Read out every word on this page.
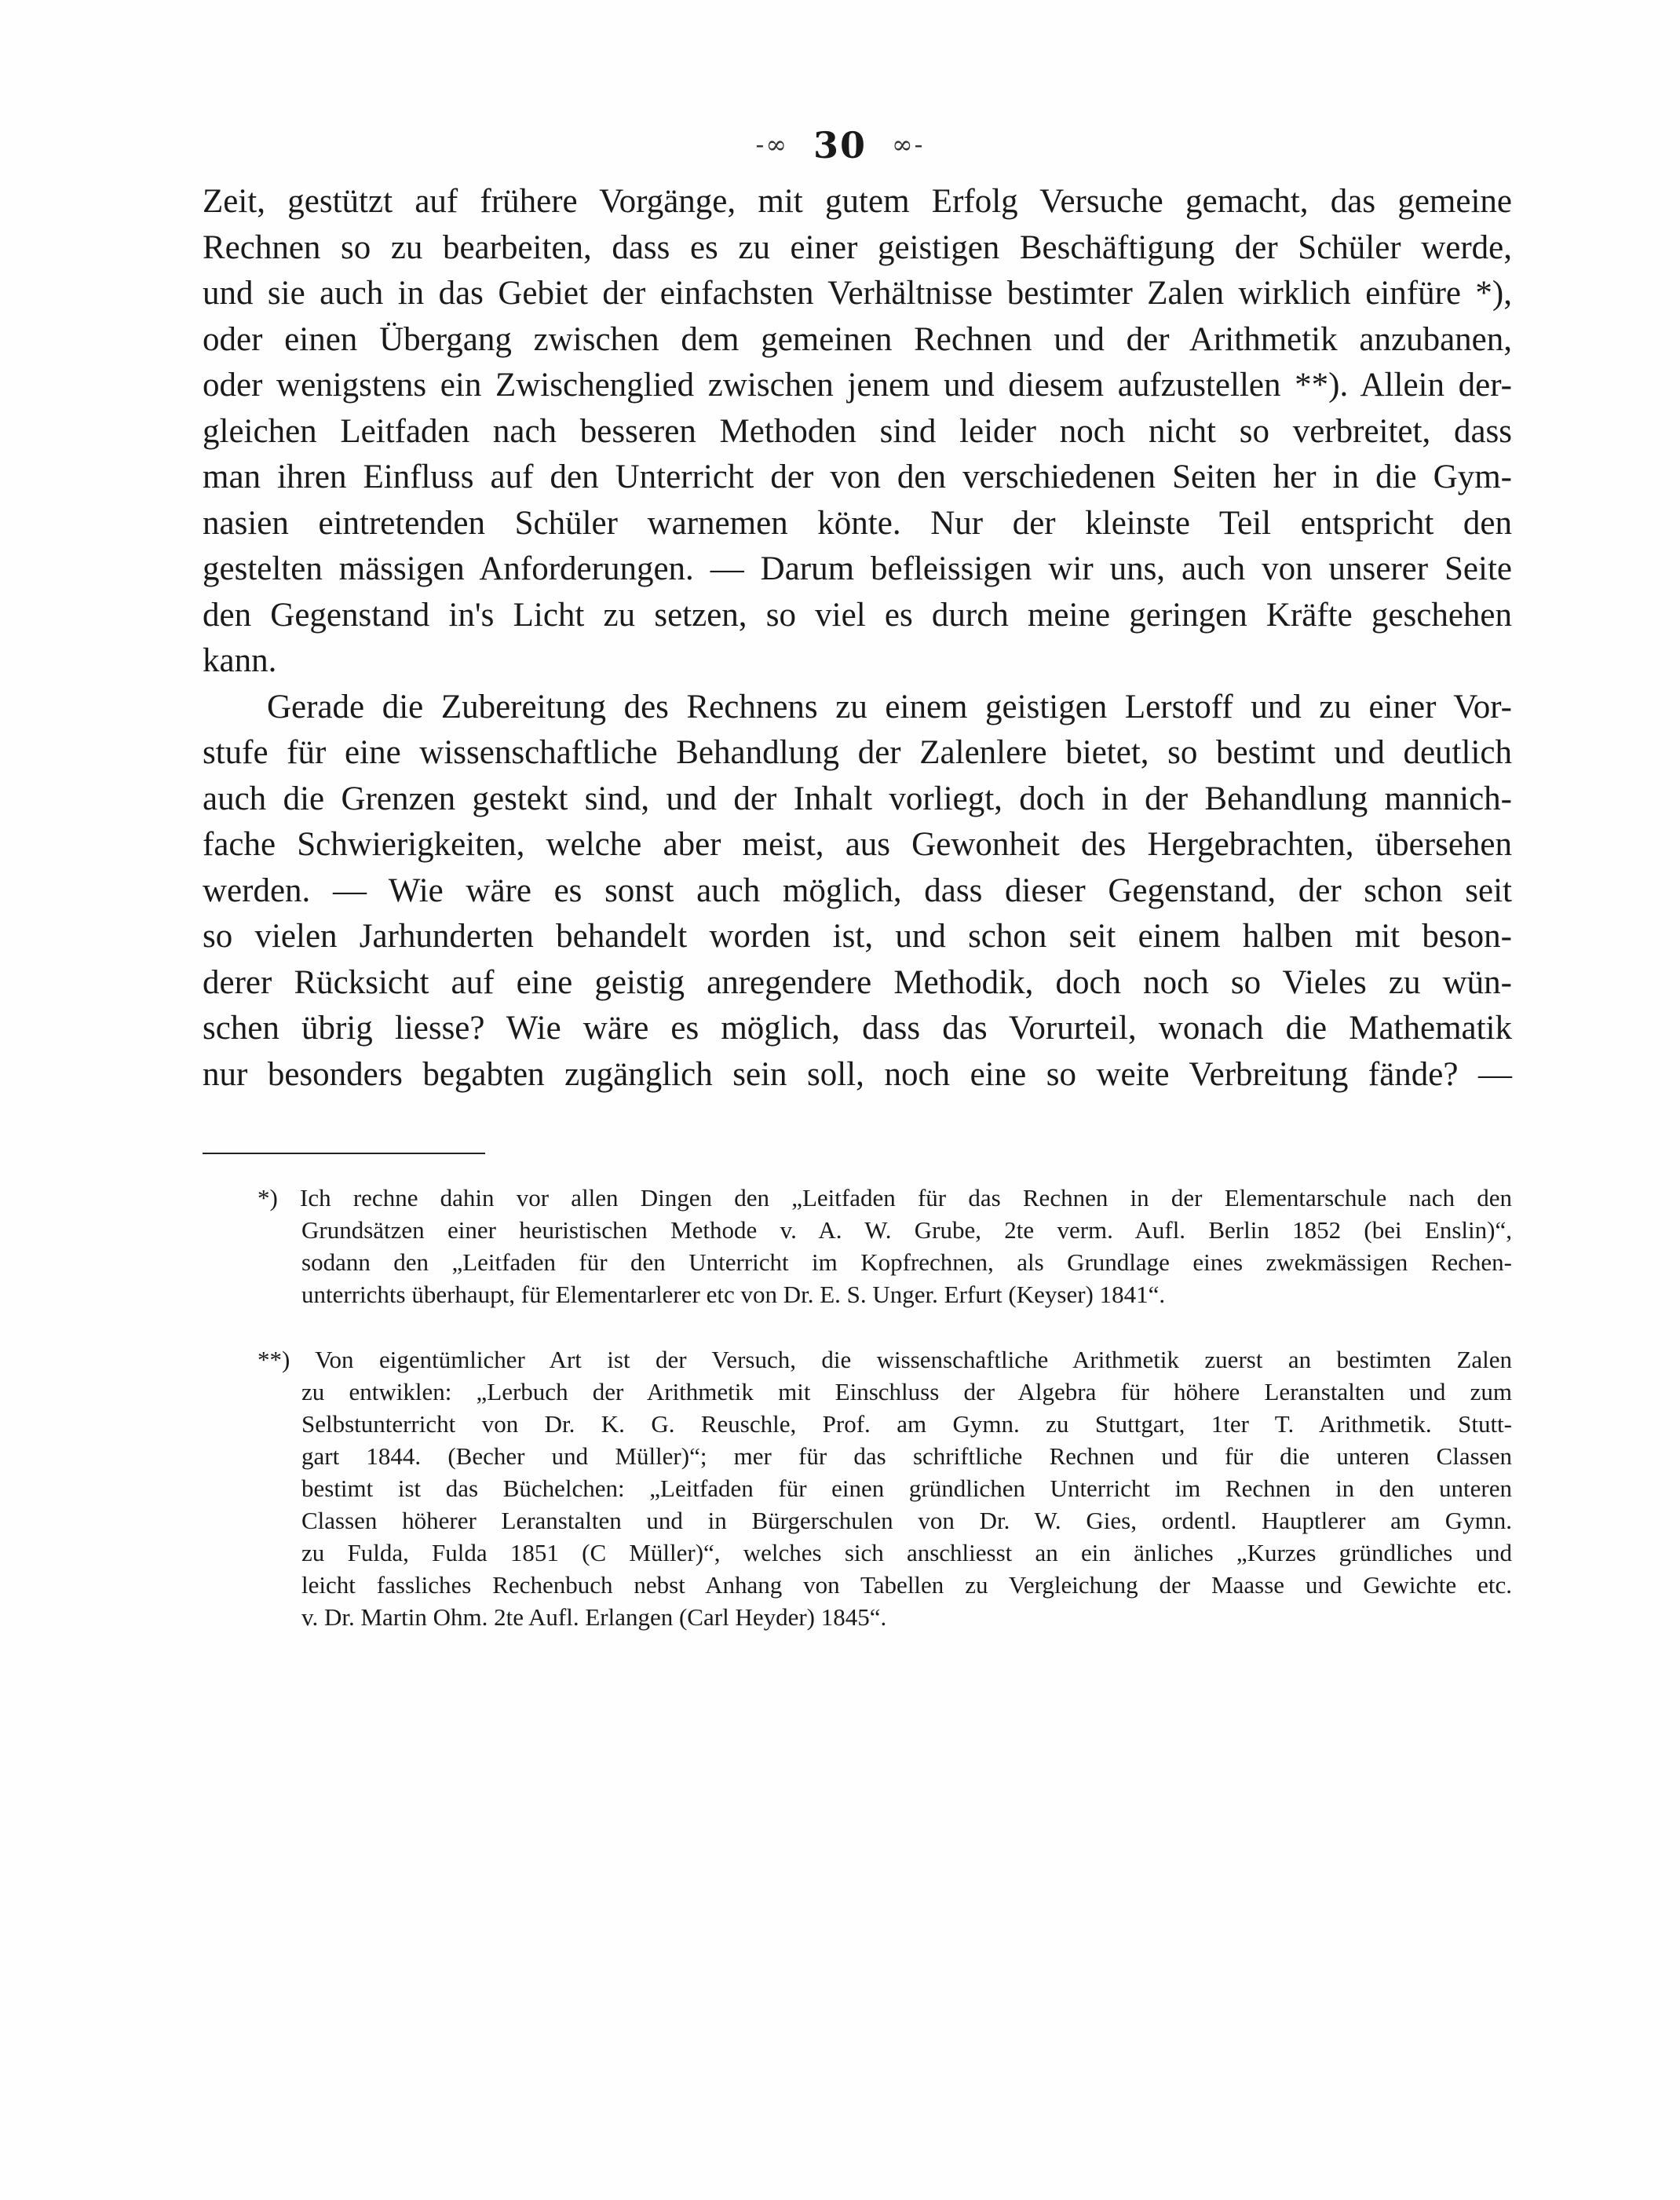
-∞ 30 ∞-
Zeit, gestützt auf frühere Vorgänge, mit gutem Erfolg Versuche gemacht, das gemeine
Rechnen so zu bearbeiten, dass es zu einer geistigen Beschäftigung der Schüler werde,
und sie auch in das Gebiet der einfachsten Verhältnisse bestimter Zalen wirklich einfüre *),
oder einen Übergang zwischen dem gemeinen Rechnen und der Arithmetik anzubanen,
oder wenigstens ein Zwischenglied zwischen jenem und diesem aufzustellen **). Allein der-
gleichen Leitfaden nach besseren Methoden sind leider noch nicht so verbreitet, dass
man ihren Einfluss auf den Unterricht der von den verschiedenen Seiten her in die Gym-
nasien eintretenden Schüler warnemen könte. Nur der kleinste Teil entspricht den
gestelten mässigen Anforderungen. — Darum befleissigen wir uns, auch von unserer Seite
den Gegenstand in's Licht zu setzen, so viel es durch meine geringen Kräfte geschehen
kann.
Gerade die Zubereitung des Rechnens zu einem geistigen Lerstoff und zu einer Vor-
stufe für eine wissenschaftliche Behandlung der Zalenlere bietet, so bestimt und deutlich
auch die Grenzen gestekt sind, und der Inhalt vorliegt, doch in der Behandlung mannich-
fache Schwierigkeiten, welche aber meist, aus Gewonheit des Hergebrachten, übersehen
werden. — Wie wäre es sonst auch möglich, dass dieser Gegenstand, der schon seit
so vielen Jarhunderten behandelt worden ist, und schon seit einem halben mit beson-
derer Rücksicht auf eine geistig anregendere Methodik, doch noch so Vieles zu wün-
schen übrig liesse? Wie wäre es möglich, dass das Vorurteil, wonach die Mathematik
nur besonders begabten zugänglich sein soll, noch eine so weite Verbreitung fände? —
*) Ich rechne dahin vor allen Dingen den „Leitfaden für das Rechnen in der Elementarschule nach den
Grundsätzen einer heuristischen Methode v. A. W. Grube, 2te verm. Aufl. Berlin 1852 (bei Enslin)“,
sodann den „Leitfaden für den Unterricht im Kopfrechnen, als Grundlage eines zwekmässigen Rechen-
unterrichts überhaupt, für Elementarlerer etc von Dr. E. S. Unger. Erfurt (Keyser) 1841“.
**) Von eigentümlicher Art ist der Versuch, die wissenschaftliche Arithmetik zuerst an bestimten Zalen
zu entwiklen: „Lerbuch der Arithmetik mit Einschluss der Algebra für höhere Leranstalten und zum
Selbstunterricht von Dr. K. G. Reuschle, Prof. am Gymn. zu Stuttgart, 1ter T. Arithmetik. Stutt-
gart 1844. (Becher und Müller)“; mer für das schriftliche Rechnen und für die unteren Classen
bestimt ist das Büchelchen: „Leitfaden für einen gründlichen Unterricht im Rechnen in den unteren
Classen höherer Leranstalten und in Bürgerschulen von Dr. W. Gies, ordentl. Hauptlerer am Gymn.
zu Fulda, Fulda 1851 (C Müller)“, welches sich anschliesst an ein änliches „Kurzes gründliches und
leicht fassliches Rechenbuch nebst Anhang von Tabellen zu Vergleichung der Maasse und Gewichte etc.
v. Dr. Martin Ohm. 2te Aufl. Erlangen (Carl Heyder) 1845“.
